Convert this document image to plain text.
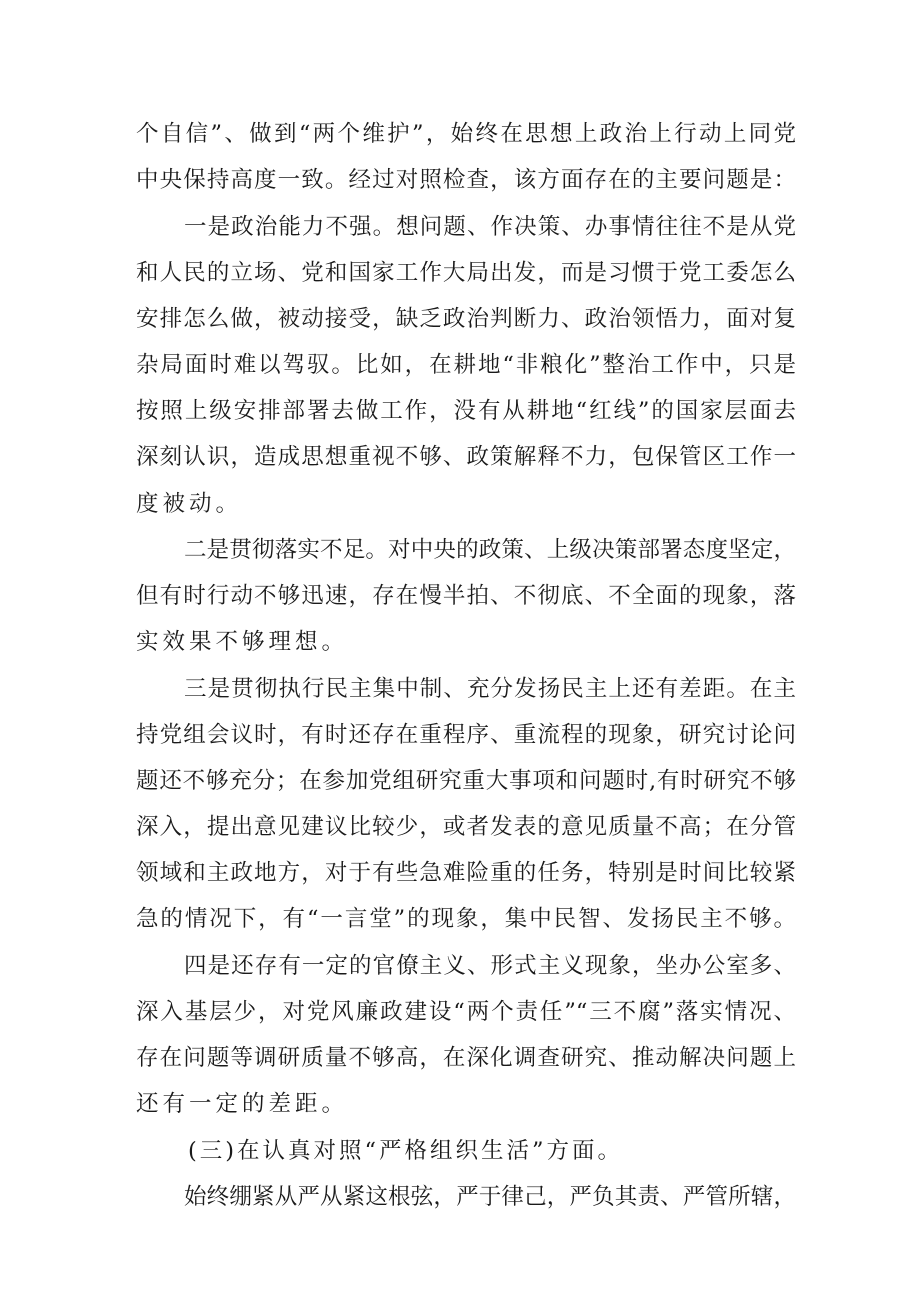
个自信”、做到“两个维护”，始终在思想上政治上行动上同党
中央保持高度一致。经过对照检查，该方面存在的主要问题是：
一是政治能力不强。想问题、作决策、办事情往往不是从党
和人民的立场、党和国家工作大局出发，而是习惯于党工委怎么
安排怎么做，被动接受，缺乏政治判断力、政治领悟力，面对复
杂局面时难以驾驭。比如，在耕地“非粮化”整治工作中，只是
按照上级安排部署去做工作，没有从耕地“红线”的国家层面去
深刻认识，造成思想重视不够、政策解释不力，包保管区工作一
度被动。
二是贯彻落实不足。对中央的政策、上级决策部署态度坚定，
但有时行动不够迅速，存在慢半拍、不彻底、不全面的现象，落
实效果不够理想。
三是贯彻执行民主集中制、充分发扬民主上还有差距。在主
持党组会议时，有时还存在重程序、重流程的现象，研究讨论问
题还不够充分；在参加党组研究重大事项和问题时,有时研究不够
深入，提出意见建议比较少，或者发表的意见质量不高；在分管
领域和主政地方，对于有些急难险重的任务，特别是时间比较紧
急的情况下，有“一言堂”的现象，集中民智、发扬民主不够。
四是还存有一定的官僚主义、形式主义现象，坐办公室多、
深入基层少，对党风廉政建设“两个责任”“三不腐”落实情况、
存在问题等调研质量不够高，在深化调查研究、推动解决问题上
还有一定的差距。
(三)在认真对照“严格组织生活”方面。
始终绷紧从严从紧这根弦，严于律己，严负其责、严管所辖，
